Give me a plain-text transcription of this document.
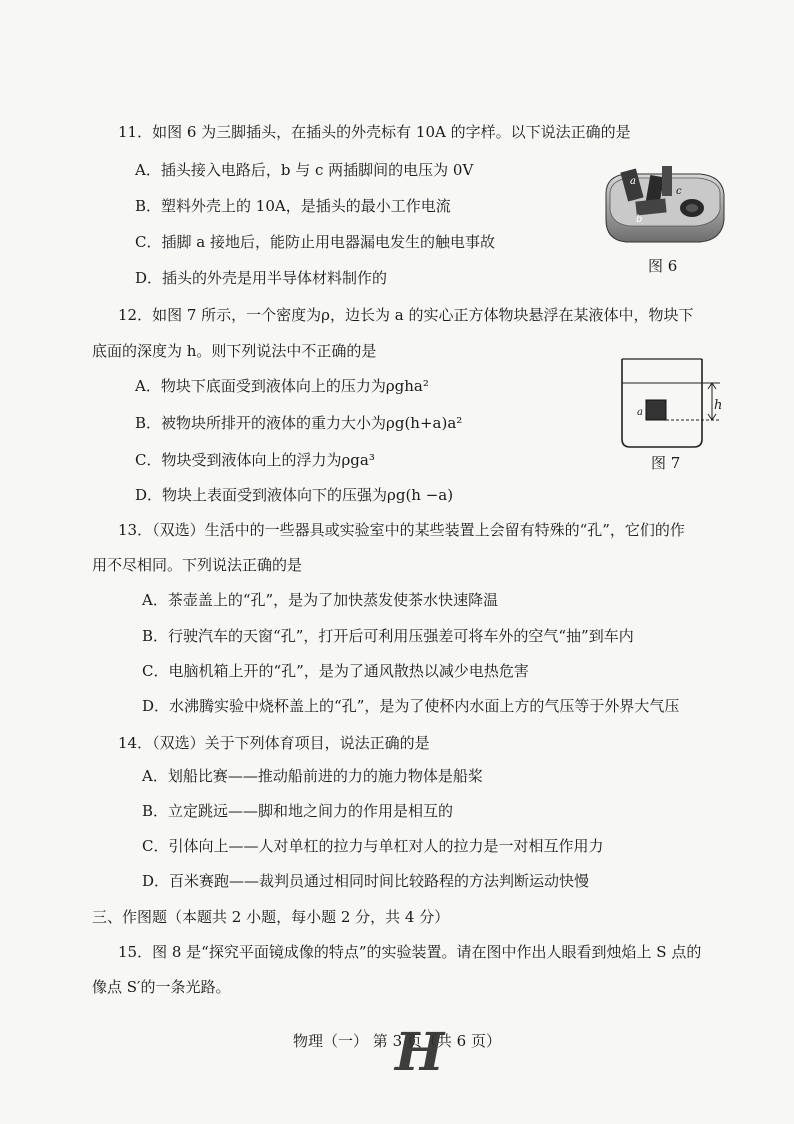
11．如图 6 为三脚插头，在插头的外壳标有 10A 的字样。以下说法正确的是
A．插头接入电路后，b 与 c 两插脚间的电压为 0V
B．塑料外壳上的 10A，是插头的最小工作电流
C．插脚 a 接地后，能防止用电器漏电发生的触电事故
D．插头的外壳是用半导体材料制作的
a
b
c
图 6
12．如图 7 所示，一个密度为ρ，边长为 a 的实心正方体物块悬浮在某液体中，物块下
底面的深度为 h。则下列说法中不正确的是
A．物块下底面受到液体向上的压力为ρgha²
B．被物块所排开的液体的重力大小为ρg(h+a)a²
C．物块受到液体向上的浮力为ρga³
D．物块上表面受到液体向下的压强为ρg(h −a)
a	h
图 7
13．（双选）生活中的一些器具或实验室中的某些装置上会留有特殊的“孔”，它们的作
用不尽相同。下列说法正确的是
A．茶壶盖上的“孔”，是为了加快蒸发使茶水快速降温
B．行驶汽车的天窗“孔”，打开后可利用压强差可将车外的空气“抽”到车内
C．电脑机箱上开的“孔”，是为了通风散热以减少电热危害
D．水沸腾实验中烧杯盖上的“孔”，是为了使杯内水面上方的气压等于外界大气压
14．（双选）关于下列体育项目，说法正确的是
A．划船比赛——推动船前进的力的施力物体是船桨
B．立定跳远——脚和地之间力的作用是相互的
C．引体向上——人对单杠的拉力与单杠对人的拉力是一对相互作用力
D．百米赛跑——裁判员通过相同时间比较路程的方法判断运动快慢
三、作图题（本题共 2 小题，每小题 2 分，共 4 分）
15．图 8 是“探究平面镜成像的特点”的实验装置。请在图中作出人眼看到烛焰上 S 点的
像点 S′的一条光路。
物理（一） 第 3 页（共 6 页）
H
